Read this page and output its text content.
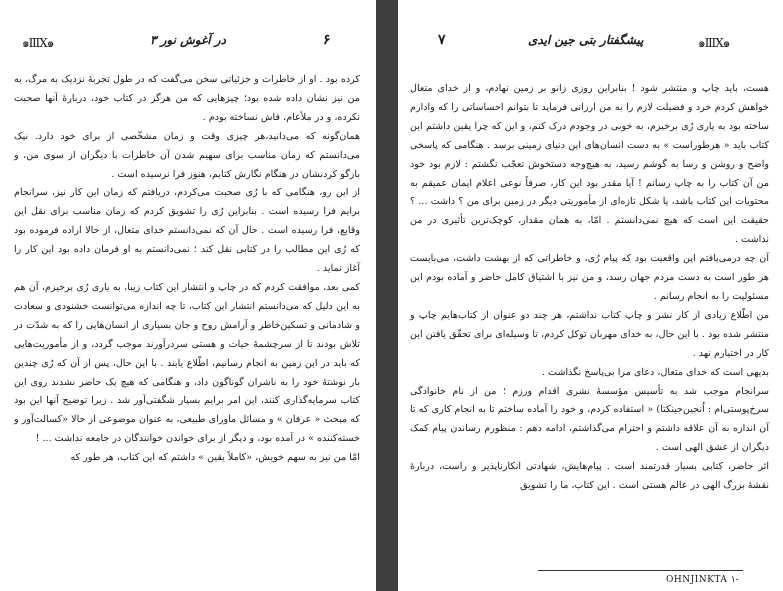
๑ⅢⅩ๑	در آغوش نور ۳	۶

کرده بود . او از خاطرات و جزئیاتی سخن می‌گفت که در طول تجربهٔ نزدیک به مرگ، به من نیز نشان داده شده بود؛ چیزهایی که من هرگز در کتاب خود، دربارهٔ آنها صحبت نکرده، و در ملأعام، فاش نساخته بودم .

همان‌گونه که می‌دانید،هر چیزی وقت و زمان مشخّصی از برای خود دارد. نیک می‌دانستم که زمان مناسب برای سهیم شدن آن خاطرات با دیگران از سوی من، و بازگو کردنشان در هنگام نگارش کتابم، هنوز فرا نرسیده است .

از این رو، هنگامی که با رُی صحبت می‌کردم، دریافتم که زمان این کار نیز، سرانجام برایم فرا رسیده است . بنابراین رُی را تشویق کردم که زمان مناسب برای نقل این وقایع، فرا رسیده است . حال آن که نمی‌دانستم خدای متعال، از حالا اراده فرموده بود که رُی این مطالب را در کتابی نقل کند ؛ نمی‌دانستم به او فرمان داده بود این کار را آغاز نماید .

کمی بعد، موافقت کردم که در چاپ و انتشار این کتاب زیبا، به یاری رُی برخیزم، آن هم به این دلیل که می‌دانستم انتشار این کتاب، تا چه اندازه می‌توانست خشنودی و سعادت و شادمانی و تسکین‌خاطر و آرامش روح و جان بسیاری از انسان‌هایی را که به شدّت در تلاش بودند تا از سرچشمهٔ حیات و هستی سردرآورند موجب گردد، و از مأموریت‌هایی که باید در این زمین به انجام رسانیم، اطّلاع یابند . با این حال، پس از آن که رُی چندین بار نوشتهٔ خود را به ناشران گوناگون داد، و هنگامی که هیچ یک حاضر نشدند روی این کتاب سرمایه‌گذاری کنند، این امر برایم بسیار شگفتی‌آور شد . زیرا توضیح آنها این بود که مبحث « عرفان » و مسائل ماورای طبیعی، به عنوان موضوعی از حالا «کسالت‌آور و خسته‌کننده » در آمده بود، و دیگر از برای خواندن خوانندگان در جامعه نداشت ... !

امّا من نیز به سهم خویش، «کاملاً یقین » داشتم که این کتاب، هر طور که

۷	پیشگفتار بتی جین ایدی	๑ⅢⅩ๑

هست، باید چاپ و منتشر شود ! بنابراین روزی زانو بر زمین نهادم، و از خدای متعال خواهش کردم خرد و فضیلت لازم را به من ارزانی فرماید تا بتوانم احساساتی را که وادارم ساخته بود به یاری رُی برخیزم، به خوبی در وجودم درک کنم، و این که چرا یقین داشتم این کتاب باید « هرطوراست » به دست انسان‌های این دنیای زمینی برسد . هنگامی که پاسخی واضح و روشن و رسا به گوشم رسید، به هیچ‌وجه دستخوش تعجّب نگشتم : لازم بود خود من آن کتاب را به چاپ رسانم ! آیا مقدر بود این کار، صرفاً نوعی اعلام ایمان عمیقم به محتویات این کتاب باشد، یا شکل تازه‌ای از مأموریتی دیگر در زمین برای من ؟ داشت ... ؟ حقیقت این است که هیچ نمی‌دانستم . امّا، به همان مقدار، کوچک‌ترین تأثیری در من نداشت .

آن چه درمی‌یافتم این واقعیت بود که پیام رُی، و خاطراتی که از بهشت داشت، می‌بایست هر طور است به دست مردم جهان رسد، و من نیز با اشتیاق کامل حاضر و آماده بودم این مسئولیت را به انجام رسانم .

من اطّلاع زیادی از کار نشر و چاپ کتاب نداشتم، هر چند دو عنوان از کتاب‌هایم چاپ و منتشر شده بود . با این حال، به خدای مهربان توکل کردم، تا وسیله‌ای برای تحقّق یافتن این کار در اختیارم نهد .

بدیهی است که خدای متعال، دعای مرا بی‌پاسخ نگذاشت .

سرانجام موجب شد به تأسیس مؤسسهٔ نشری اقدام ورزم ؛ من از نام خانوادگی سرخ‌پوستی‌ام : اُنجین‌جینکتا) « استفاده کردم، و خود را آماده ساختم تا به انجام کاری که تا آن اندازه به آن علاقه داشتم و احترام می‌گذاشتم، ادامه دهم : منظورم رساندن پیام کمک دیگران از عشق الهی است .

اثر حاضر، کتابی بسیار قدرتمند است . پیام‌هایش، شهادتی انکارناپذیر و راست، دربارهٔ نقشهٔ بزرگ الهی در عالم هستی است . این کتاب، ما را تشویق

OHNJINKTA ۱-
